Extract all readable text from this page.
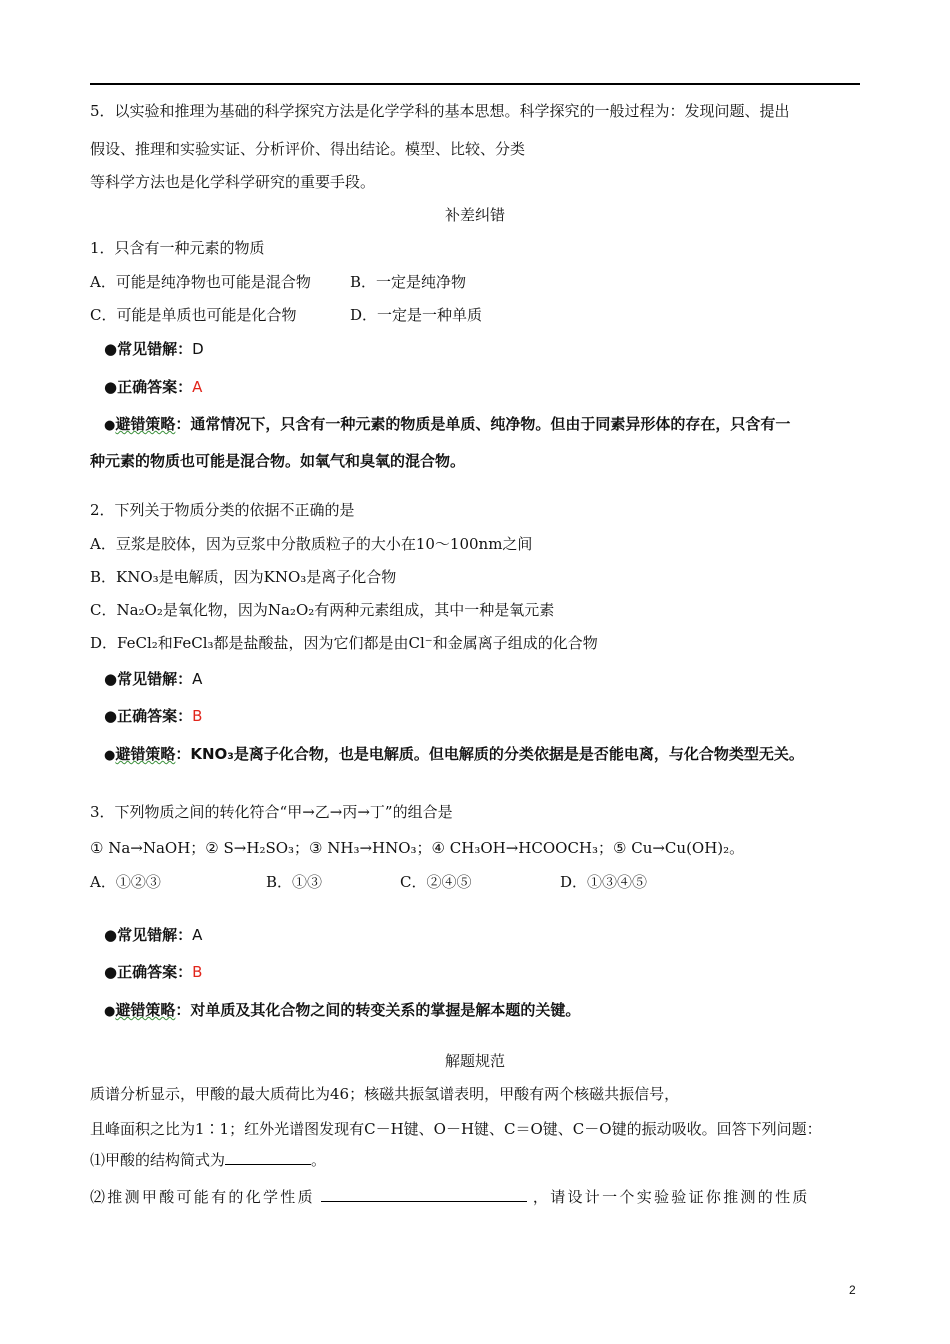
5．以实验和推理为基础的科学探究方法是化学学科的基本思想。科学探究的一般过程为：发现问题、提出
假设、推理和实验实证、分析评价、得出结论。模型、比较、分类
等科学方法也是化学科学研究的重要手段。
补差纠错
1．只含有一种元素的物质
A．可能是纯净物也可能是混合物	B．一定是纯净物
C．可能是单质也可能是化合物	D．一定是一种单质
●常见错解：D
●正确答案：A
●避错策略：通常情况下，只含有一种元素的物质是单质、纯净物。但由于同素异形体的存在，只含有一
种元素的物质也可能是混合物。如氧气和臭氧的混合物。
2．下列关于物质分类的依据不正确的是
A．豆浆是胶体，因为豆浆中分散质粒子的大小在10～100nm之间
B．KNO₃是电解质，因为KNO₃是离子化合物
C．Na₂O₂是氧化物，因为Na₂O₂有两种元素组成，其中一种是氧元素
D．FeCl₂和FeCl₃都是盐酸盐，因为它们都是由Cl⁻和金属离子组成的化合物
●常见错解：A
●正确答案：B
●避错策略：KNO₃是离子化合物，也是电解质。但电解质的分类依据是是否能电离，与化合物类型无关。
3．下列物质之间的转化符合“甲→乙→丙→丁”的组合是
① Na→NaOH；② S→H₂SO₃；③ NH₃→HNO₃；④ CH₃OH→HCOOCH₃；⑤ Cu→Cu(OH)₂。
A．①②③	B．①③	C．②④⑤	D．①③④⑤
●常见错解：A
●正确答案：B
●避错策略：对单质及其化合物之间的转变关系的掌握是解本题的关键。
解题规范
质谱分析显示，甲酸的最大质荷比为46；核磁共振氢谱表明，甲酸有两个核磁共振信号，
且峰面积之比为1∶1；红外光谱图发现有C－H键、O－H键、C＝O键、C－O键的振动吸收。回答下列问题：
⑴甲酸的结构简式为	。
⑵推测甲酸可能有的化学性质	，请设计一个实验验证你推测的性质
2
